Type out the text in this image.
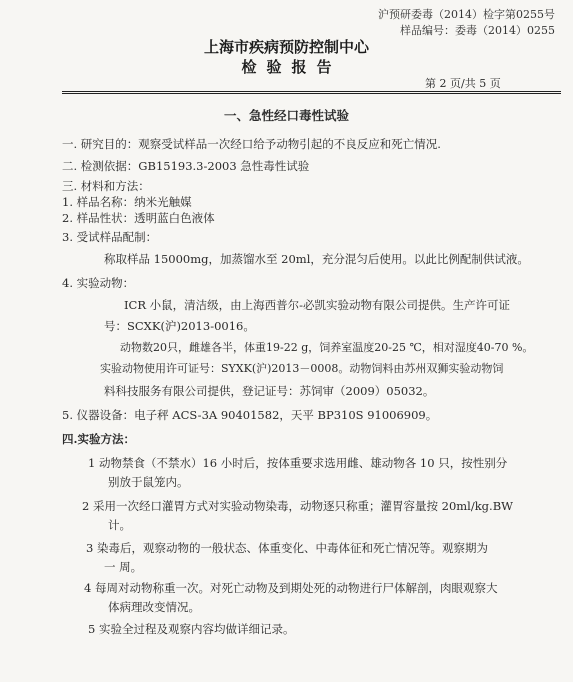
沪预研委毒（2014）检字第0255号
样品编号：委毒（2014）0255
上海市疾病预防控制中心
检验报告
第 2 页/共 5 页
一、急性经口毒性试验
一. 研究目的：观察受试样品一次经口给予动物引起的不良反应和死亡情况.
二. 检测依据：GB15193.3-2003 急性毒性试验
三. 材料和方法：
1. 样品名称：纳米光触媒
2. 样品性状：透明蓝白色液体
3. 受试样品配制：
称取样品 15000mg，加蒸馏水至 20ml，充分混匀后使用。以此比例配制供试液。
4. 实验动物：
ICR 小鼠，清洁级，由上海西普尔-必凯实验动物有限公司提供。生产许可证
号：SCXK(沪)2013-0016。
动物数20只，雌雄各半，体重19-22 g，饲养室温度20-25 ℃，相对湿度40-70 %。
实验动物使用许可证号：SYXK(沪)2013－0008。动物饲料由苏州双狮实验动物饲
料科技服务有限公司提供，登记证号：苏饲审（2009）05032。
5. 仪器设备：电子秤 ACS-3A 90401582，天平 BP310S 91006909。
四.实验方法：
1 动物禁食（不禁水）16 小时后，按体重要求选用雌、雄动物各 10 只，按性别分
别放于鼠笼内。
2 采用一次经口灌胃方式对实验动物染毒，动物逐只称重；灌胃容量按 20ml/kg.BW
计。
3 染毒后，观察动物的一般状态、体重变化、中毒体征和死亡情况等。观察期为
一 周。
4 每周对动物称重一次。对死亡动物及到期处死的动物进行尸体解剖，肉眼观察大
体病理改变情况。
5 实验全过程及观察内容均做详细记录。
